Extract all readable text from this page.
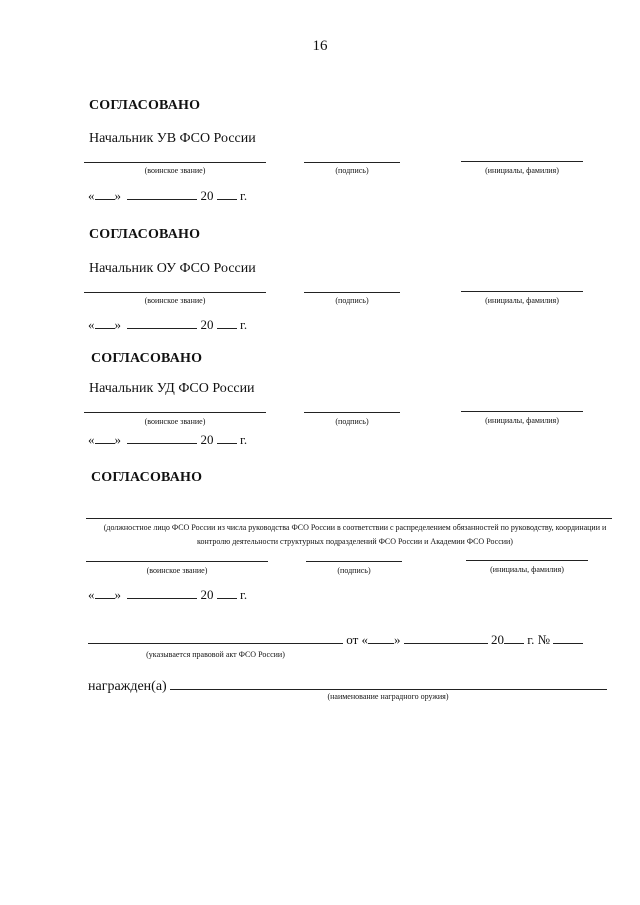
16
СОГЛАСОВАНО
Начальник УВ ФСО России
(воинское звание)	(подпись)	(инициалы, фамилия)
« »	20 г.
СОГЛАСОВАНО
Начальник ОУ ФСО России
(воинское звание)	(подпись)	(инициалы, фамилия)
« »	20 г.
СОГЛАСОВАНО
Начальник УД ФСО России
(воинское звание)	(подпись)	(инициалы, фамилия)
« »	20 г.
СОГЛАСОВАНО
(должностное лицо ФСО России из числа руководства ФСО России в соответствии с распределением обязанностей по руководству, координации и контролю деятельности структурных подразделений ФСО России и Академии ФСО России)
(воинское звание)	(подпись)	(инициалы, фамилия)
« »	20 г.
от « »	20 г. №
(указывается правовой акт ФСО России)
награжден(а)
(наименование наградного оружия)
